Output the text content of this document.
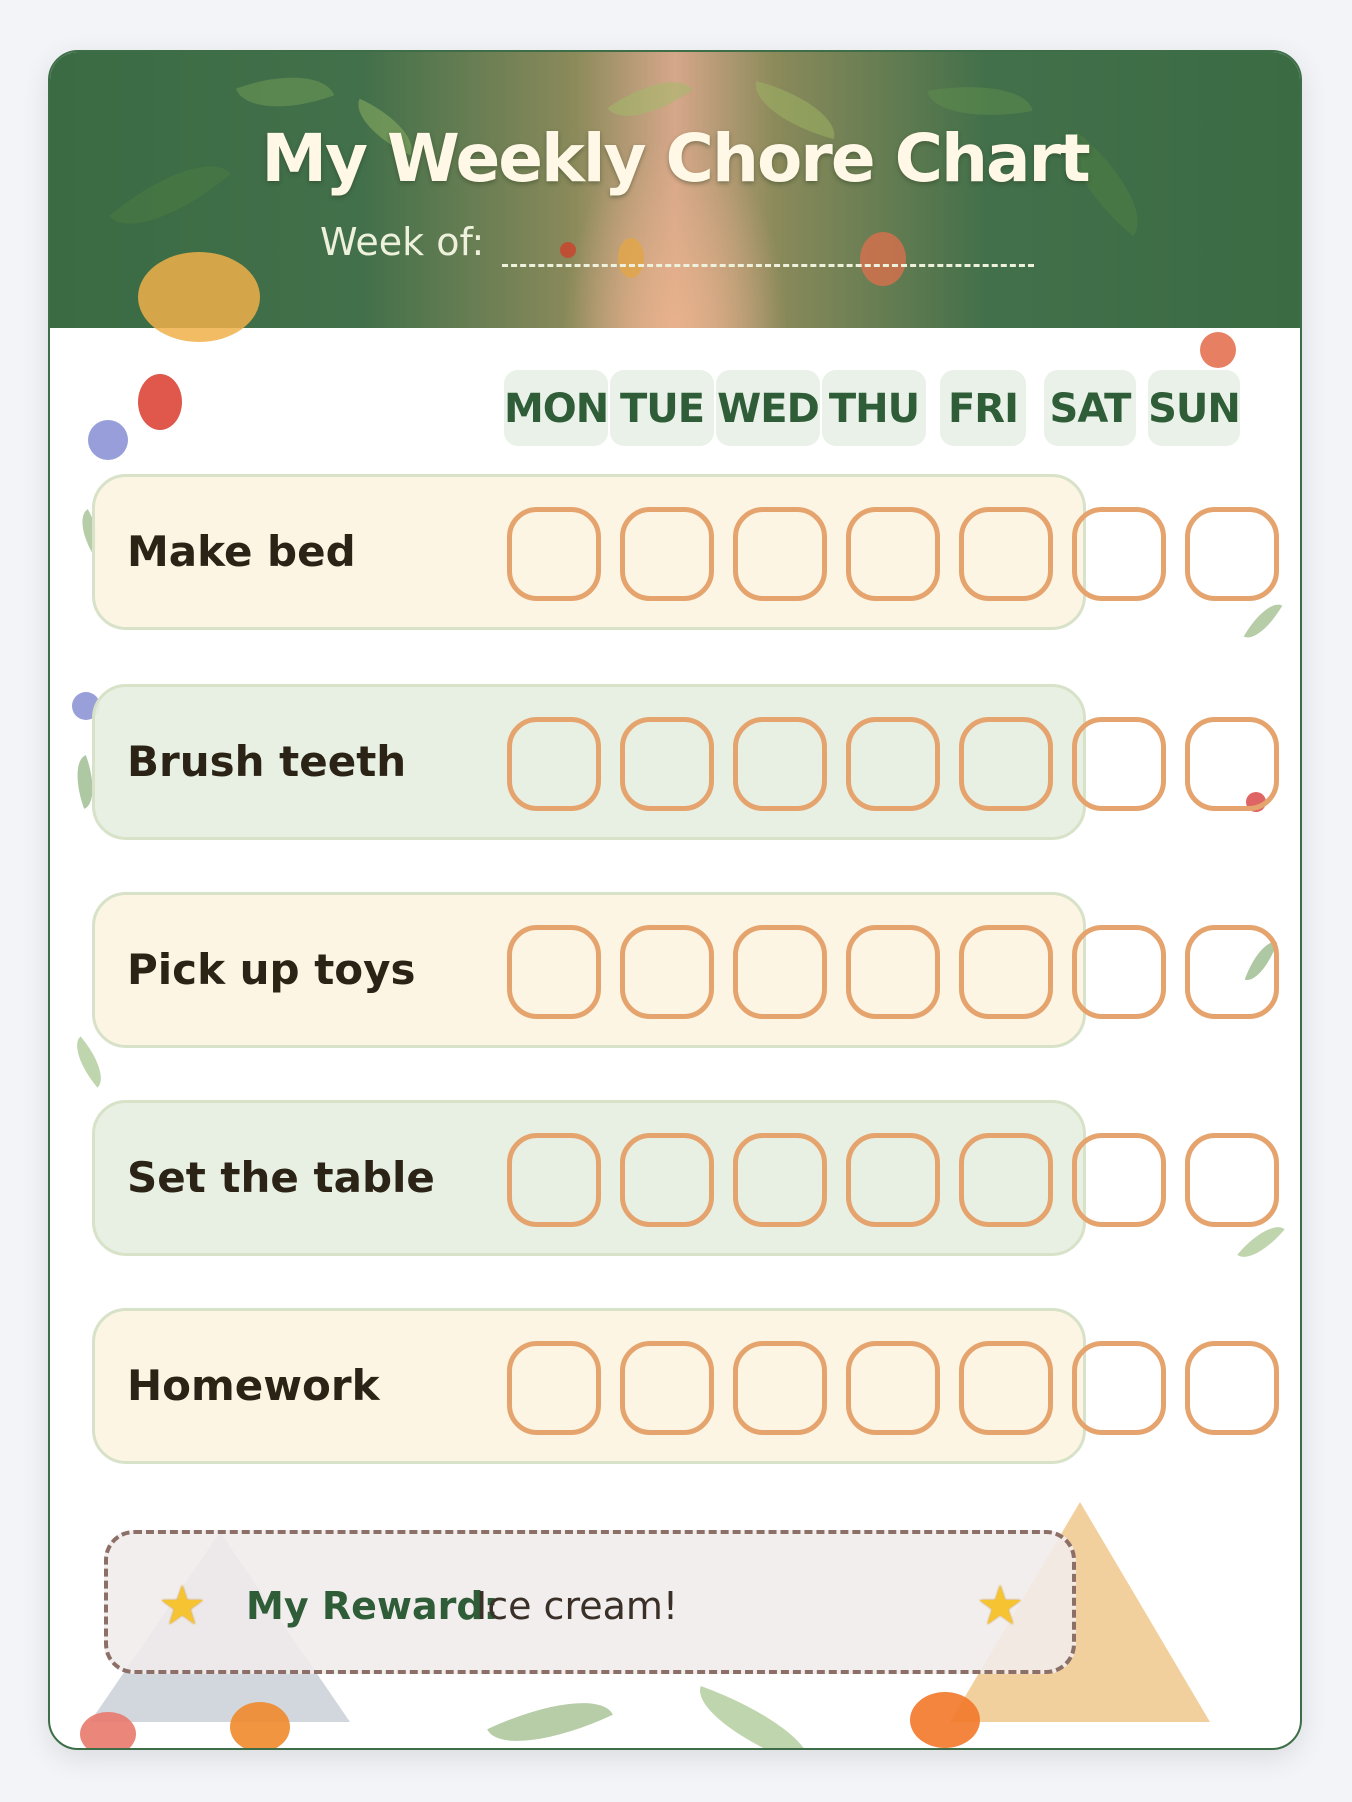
My Weekly Chore Chart
Week of:
MON TUE WED THU FRI SAT SUN
Make bed
Brush teeth
Pick up toys
Set the table
Homework
★ My Reward:
Ice cream!	★
